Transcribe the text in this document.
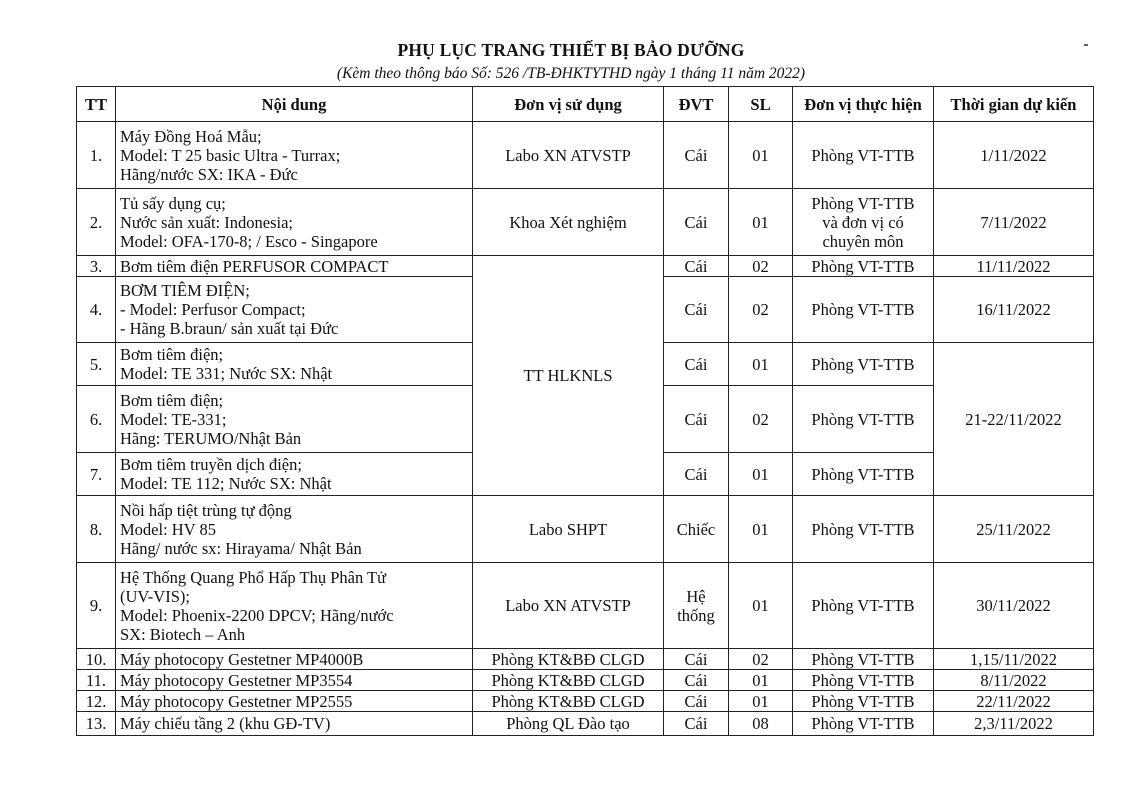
PHỤ LỤC TRANG THIẾT BỊ BẢO DƯỠNG
(Kèm theo thông báo Số: 526 /TB-ĐHKTYTHD ngày 1 tháng 11 năm 2022)
TT	Nội dung	Đơn vị sử dụng	ĐVT	SL	Đơn vị thực hiện	Thời gian dự kiến
1.	Máy Đồng Hoá Mẫu;
Model: T 25 basic Ultra - Turrax;
Hãng/nước SX: IKA - Đức	Labo XN ATVSTP	Cái	01	Phòng VT-TTB	1/11/2022
2.	Tủ sấy dụng cụ;
Nước sản xuất: Indonesia;
Model: OFA-170-8; / Esco - Singapore	Khoa Xét nghiệm	Cái	01	Phòng VT-TTB
và đơn vị có
chuyên môn	7/11/2022
3.	Bơm tiêm điện PERFUSOR COMPACT	TT HLKNLS	Cái	02	Phòng VT-TTB	11/11/2022
4.	BƠM TIÊM ĐIỆN;
- Model: Perfusor Compact;
- Hãng B.braun/ sản xuất tại Đức		Cái	02	Phòng VT-TTB	16/11/2022
5.	Bơm tiêm điện;
Model: TE 331; Nước SX: Nhật		Cái	01	Phòng VT-TTB	21-22/11/2022
6.	Bơm tiêm điện;
Model: TE-331;
Hãng: TERUMO/Nhật Bản		Cái	02	Phòng VT-TTB	
7.	Bơm tiêm truyền dịch điện;
Model: TE 112; Nước SX: Nhật		Cái	01	Phòng VT-TTB	
8.	Nồi hấp tiệt trùng tự động
Model: HV 85
Hãng/ nước sx: Hirayama/ Nhật Bản	Labo SHPT	Chiếc	01	Phòng VT-TTB	25/11/2022
9.	Hệ Thống Quang Phổ Hấp Thụ Phân Tử
(UV-VIS);
Model: Phoenix-2200 DPCV; Hãng/nước
SX: Biotech – Anh	Labo XN ATVSTP	Hệ
thống	01	Phòng VT-TTB	30/11/2022
10.	Máy photocopy Gestetner MP4000B	Phòng KT&BĐ CLGD	Cái	02	Phòng VT-TTB	1,15/11/2022
11.	Máy photocopy Gestetner MP3554	Phòng KT&BĐ CLGD	Cái	01	Phòng VT-TTB	8/11/2022
12.	Máy photocopy Gestetner MP2555	Phòng KT&BĐ CLGD	Cái	01	Phòng VT-TTB	22/11/2022
13.	Máy chiếu tầng 2 (khu GĐ-TV)	Phòng QL Đào tạo	Cái	08	Phòng VT-TTB	2,3/11/2022
